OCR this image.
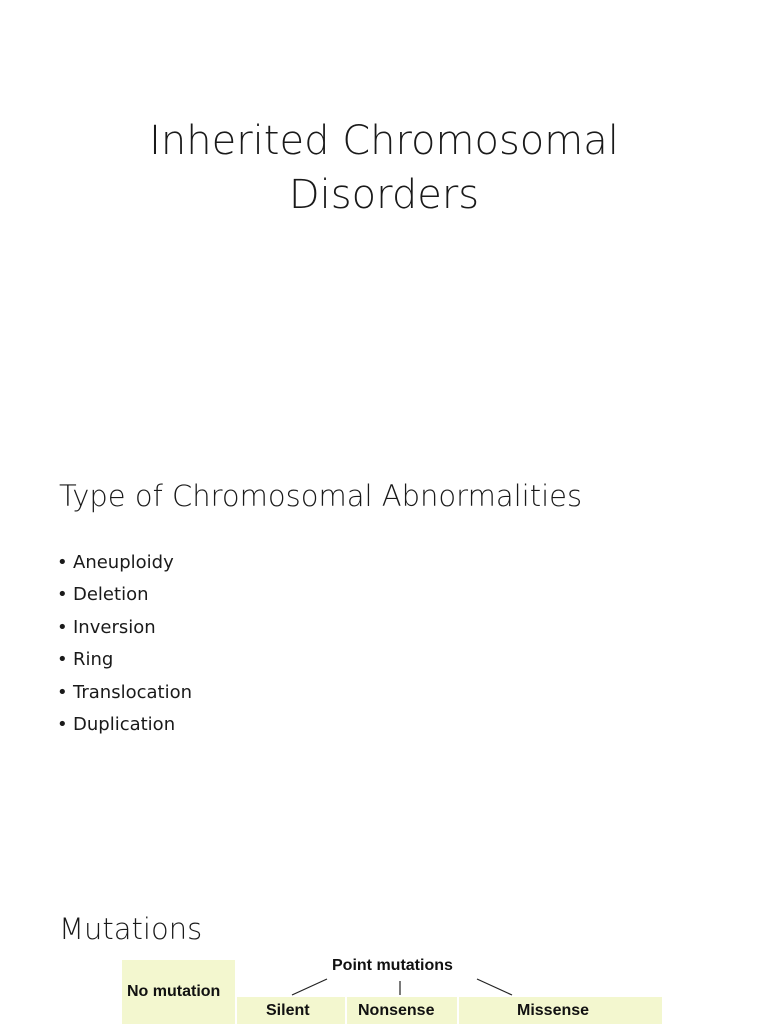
Inherited Chromosomal
Disorders
Type of Chromosomal Abnormalities
• Aneuploidy
• Deletion
• Inversion
• Ring
• Translocation
• Duplication
Mutations
No mutation
Point mutations
Silent	Nonsense	Missense
